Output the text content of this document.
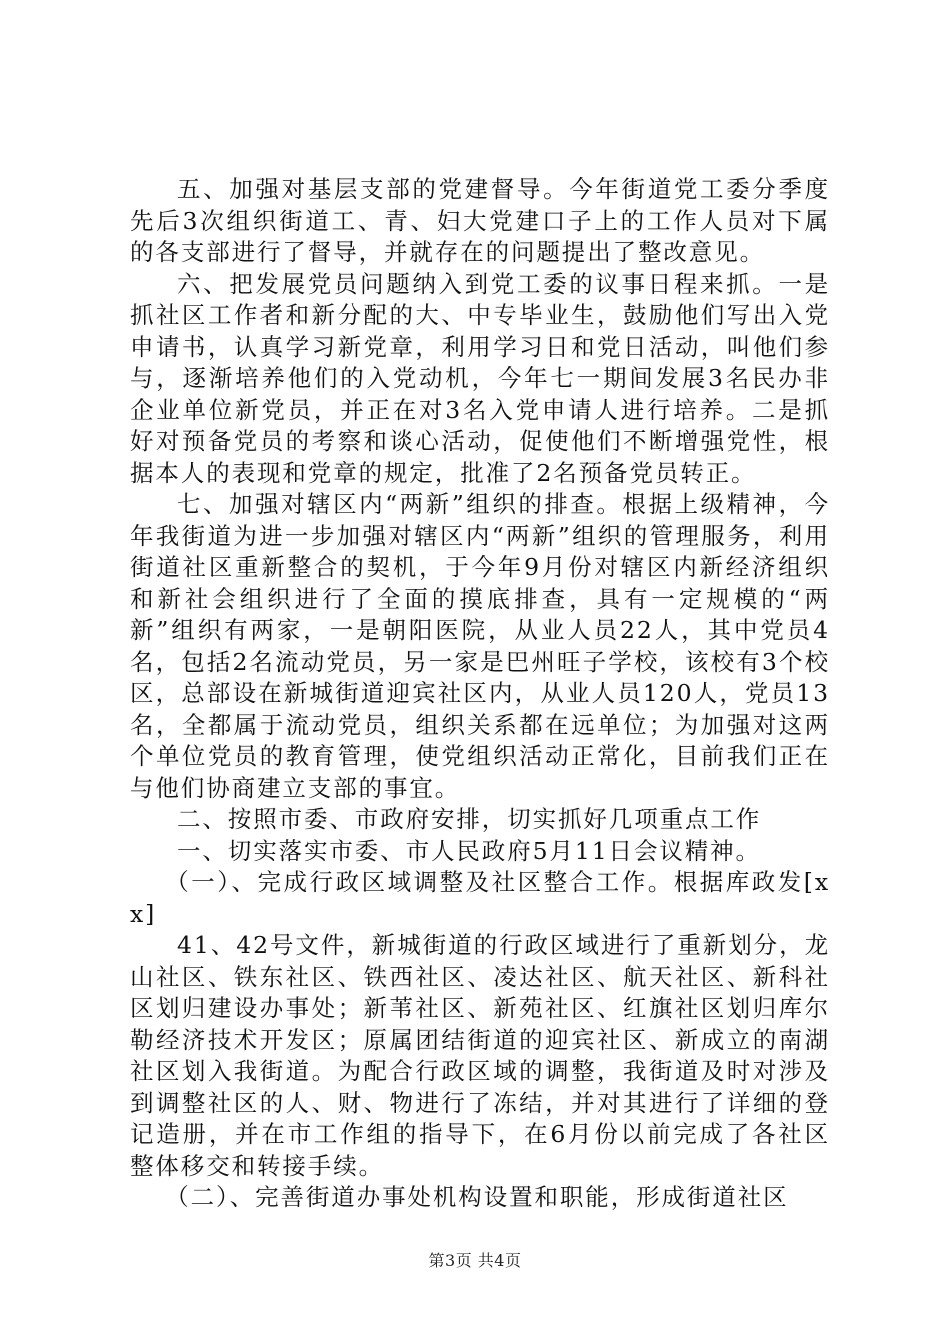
五、加强对基层支部的党建督导。今年街道党工委分季度先后3次组织街道工、青、妇大党建口子上的工作人员对下属的各支部进行了督导，并就存在的问题提出了整改意见。

六、把发展党员问题纳入到党工委的议事日程来抓。一是抓社区工作者和新分配的大、中专毕业生，鼓励他们写出入党申请书，认真学习新党章，利用学习日和党日活动，叫他们参与，逐渐培养他们的入党动机，今年七一期间发展3名民办非企业单位新党员，并正在对3名入党申请人进行培养。二是抓好对预备党员的考察和谈心活动，促使他们不断增强党性，根据本人的表现和党章的规定，批准了2名预备党员转正。

七、加强对辖区内“两新”组织的排查。根据上级精神，今年我街道为进一步加强对辖区内“两新”组织的管理服务，利用街道社区重新整合的契机，于今年9月份对辖区内新经济组织和新社会组织进行了全面的摸底排查，具有一定规模的“两新”组织有两家，一是朝阳医院，从业人员22人，其中党员4名，包括2名流动党员，另一家是巴州旺子学校，该校有3个校区，总部设在新城街道迎宾社区内，从业人员120人，党员13名，全都属于流动党员，组织关系都在远单位；为加强对这两个单位党员的教育管理，使党组织活动正常化，目前我们正在与他们协商建立支部的事宜。

二、按照市委、市政府安排，切实抓好几项重点工作

一、切实落实市委、市人民政府5月11日会议精神。

（一）、完成行政区域调整及社区整合工作。根据库政发[xx]

41、42号文件，新城街道的行政区域进行了重新划分，龙山社区、铁东社区、铁西社区、凌达社区、航天社区、新科社区划归建设办事处；新苇社区、新苑社区、红旗社区划归库尔勒经济技术开发区；原属团结街道的迎宾社区、新成立的南湖社区划入我街道。为配合行政区域的调整，我街道及时对涉及到调整社区的人、财、物进行了冻结，并对其进行了详细的登记造册，并在市工作组的指导下，在6月份以前完成了各社区整体移交和转接手续。

（二）、完善街道办事处机构设置和职能，形成街道社区

第3页 共4页
